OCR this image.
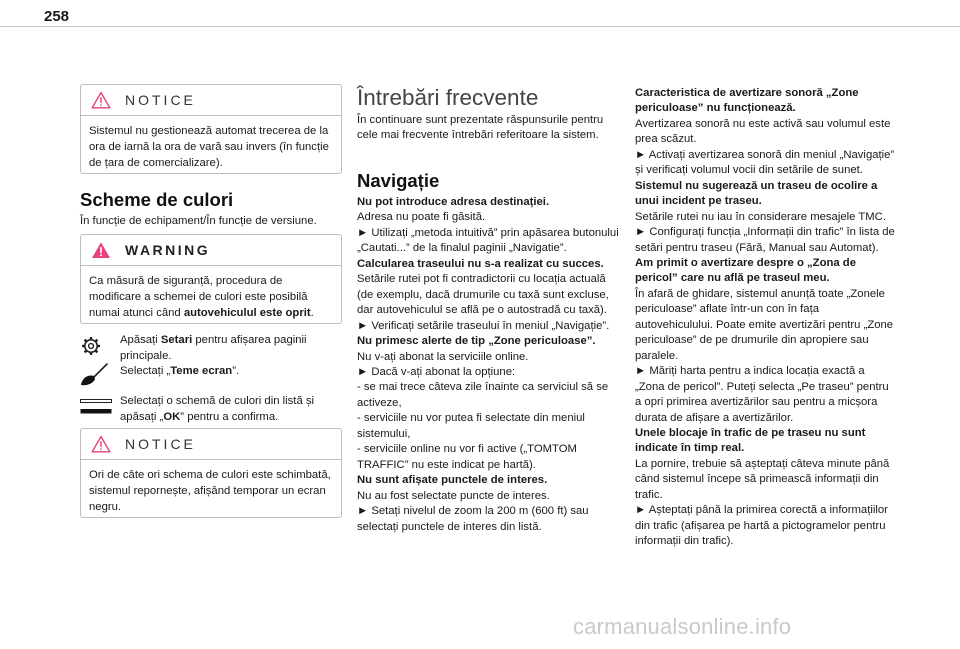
258
NOTICE
Sistemul nu gestionează automat trecerea de la ora de iarnă la ora de vară sau invers (în funcție de țara de comercializare).
Scheme de culori
În funcție de echipament/În funcție de versiune.
WARNING
Ca măsură de siguranță, procedura de modificare a schemei de culori este posibilă numai atunci când autovehiculul este oprit.
Apăsați Setari pentru afișarea paginii principale.
Selectați „Teme ecran”.
Selectați o schemă de culori din listă și apăsați „OK” pentru a confirma.
NOTICE
Ori de câte ori schema de culori este schimbată, sistemul repornește, afișând temporar un ecran negru.
Întrebări frecvente
În continuare sunt prezentate răspunsurile pentru cele mai frecvente întrebări referitoare la sistem.
Navigație

Nu pot introduce adresa destinației.

Adresa nu poate fi găsită.

► Utilizați „metoda intuitivă” prin apăsarea butonului „Cautati...” de la finalul paginii „Navigatie”.

Calcularea traseului nu s-a realizat cu succes.

Setările rutei pot fi contradictorii cu locația actuală (de exemplu, dacă drumurile cu taxă sunt excluse, dar autovehiculul se află pe o autostradă cu taxă).

► Verificați setările traseului în meniul „Navigație”.

Nu primesc alerte de tip „Zone periculoase”.

Nu v-ați abonat la serviciile online.

► Dacă v-ați abonat la opțiune:

- se mai trece câteva zile înainte ca serviciul să se activeze,

- serviciile nu vor putea fi selectate din meniul sistemului,

- serviciile online nu vor fi active („TOMTOM TRAFFIC” nu este indicat pe hartă).

Nu sunt afișate punctele de interes.

Nu au fost selectate puncte de interes.

► Setați nivelul de zoom la 200 m (600 ft) sau selectați punctele de interes din listă.

Caracteristica de avertizare sonoră „Zone periculoase” nu funcționează.

Avertizarea sonoră nu este activă sau volumul este prea scăzut.

► Activați avertizarea sonoră din meniul „Navigație” și verificați volumul vocii din setările de sunet.

Sistemul nu sugerează un traseu de ocolire a unui incident pe traseu.

Setările rutei nu iau în considerare mesajele TMC.

► Configurați funcția „Informații din trafic” în lista de setări pentru traseu (Fără, Manual sau Automat).

Am primit o avertizare despre o „Zona de pericol” care nu află pe traseul meu.

În afară de ghidare, sistemul anunță toate „Zonele periculoase” aflate într-un con în fața autovehiculului. Poate emite avertizări pentru „Zone periculoase” de pe drumurile din apropiere sau paralele.

► Măriți harta pentru a indica locația exactă a „Zona de pericol”. Puteți selecta „Pe traseu” pentru a opri primirea avertizărilor sau pentru a micșora durata de afișare a avertizărilor.

Unele blocaje în trafic de pe traseu nu sunt indicate în timp real.

La pornire, trebuie să așteptați câteva minute până când sistemul începe să primească informații din trafic.

► Așteptați până la primirea corectă a informațiilor din trafic (afișarea pe hartă a pictogramelor pentru informații din trafic).

carmanualsonline.info
